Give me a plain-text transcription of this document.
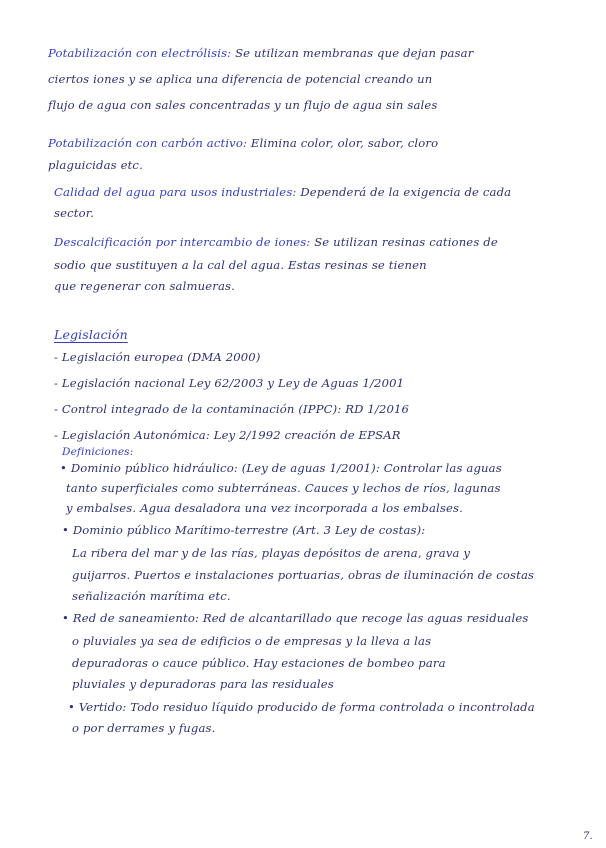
Potabilización con electrólisis: Se utilizan membranas que dejan pasar
ciertos iones y se aplica una diferencia de potencial creando un
flujo de agua con sales concentradas y un flujo de agua sin sales
Potabilización con carbón activo: Elimina color, olor, sabor, cloro
plaguicidas etc.
Calidad del agua para usos industriales: Dependerá de la exigencia de cada
sector.
Descalcificación por intercambio de iones: Se utilizan resinas cationes de
sodio que sustituyen a la cal del agua. Estas resinas se tienen
que regenerar con salmueras.
Legislación
- Legislación europea (DMA 2000)
- Legislación nacional Ley 62/2003 y Ley de Aguas 1/2001
- Control integrado de la contaminación (IPPC): RD 1/2016
- Legislación Autonómica: Ley 2/1992 creación de EPSAR
Definiciones:
• Dominio público hidráulico: (Ley de aguas 1/2001): Controlar las aguas
tanto superficiales como subterráneas. Cauces y lechos de ríos, lagunas
y embalses. Agua desaladora una vez incorporada a los embalses.
• Dominio público Marítimo-terrestre (Art. 3 Ley de costas):
La ribera del mar y de las rías, playas depósitos de arena, grava y
guijarros. Puertos e instalaciones portuarias, obras de iluminación de costas
señalización marítima etc.
• Red de saneamiento: Red de alcantarillado que recoge las aguas residuales
o pluviales ya sea de edificios o de empresas y la lleva a las
depuradoras o cauce público. Hay estaciones de bombeo para
pluviales y depuradoras para las residuales
• Vertido: Todo residuo líquido producido de forma controlada o incontrolada
o por derrames y fugas.
7.
